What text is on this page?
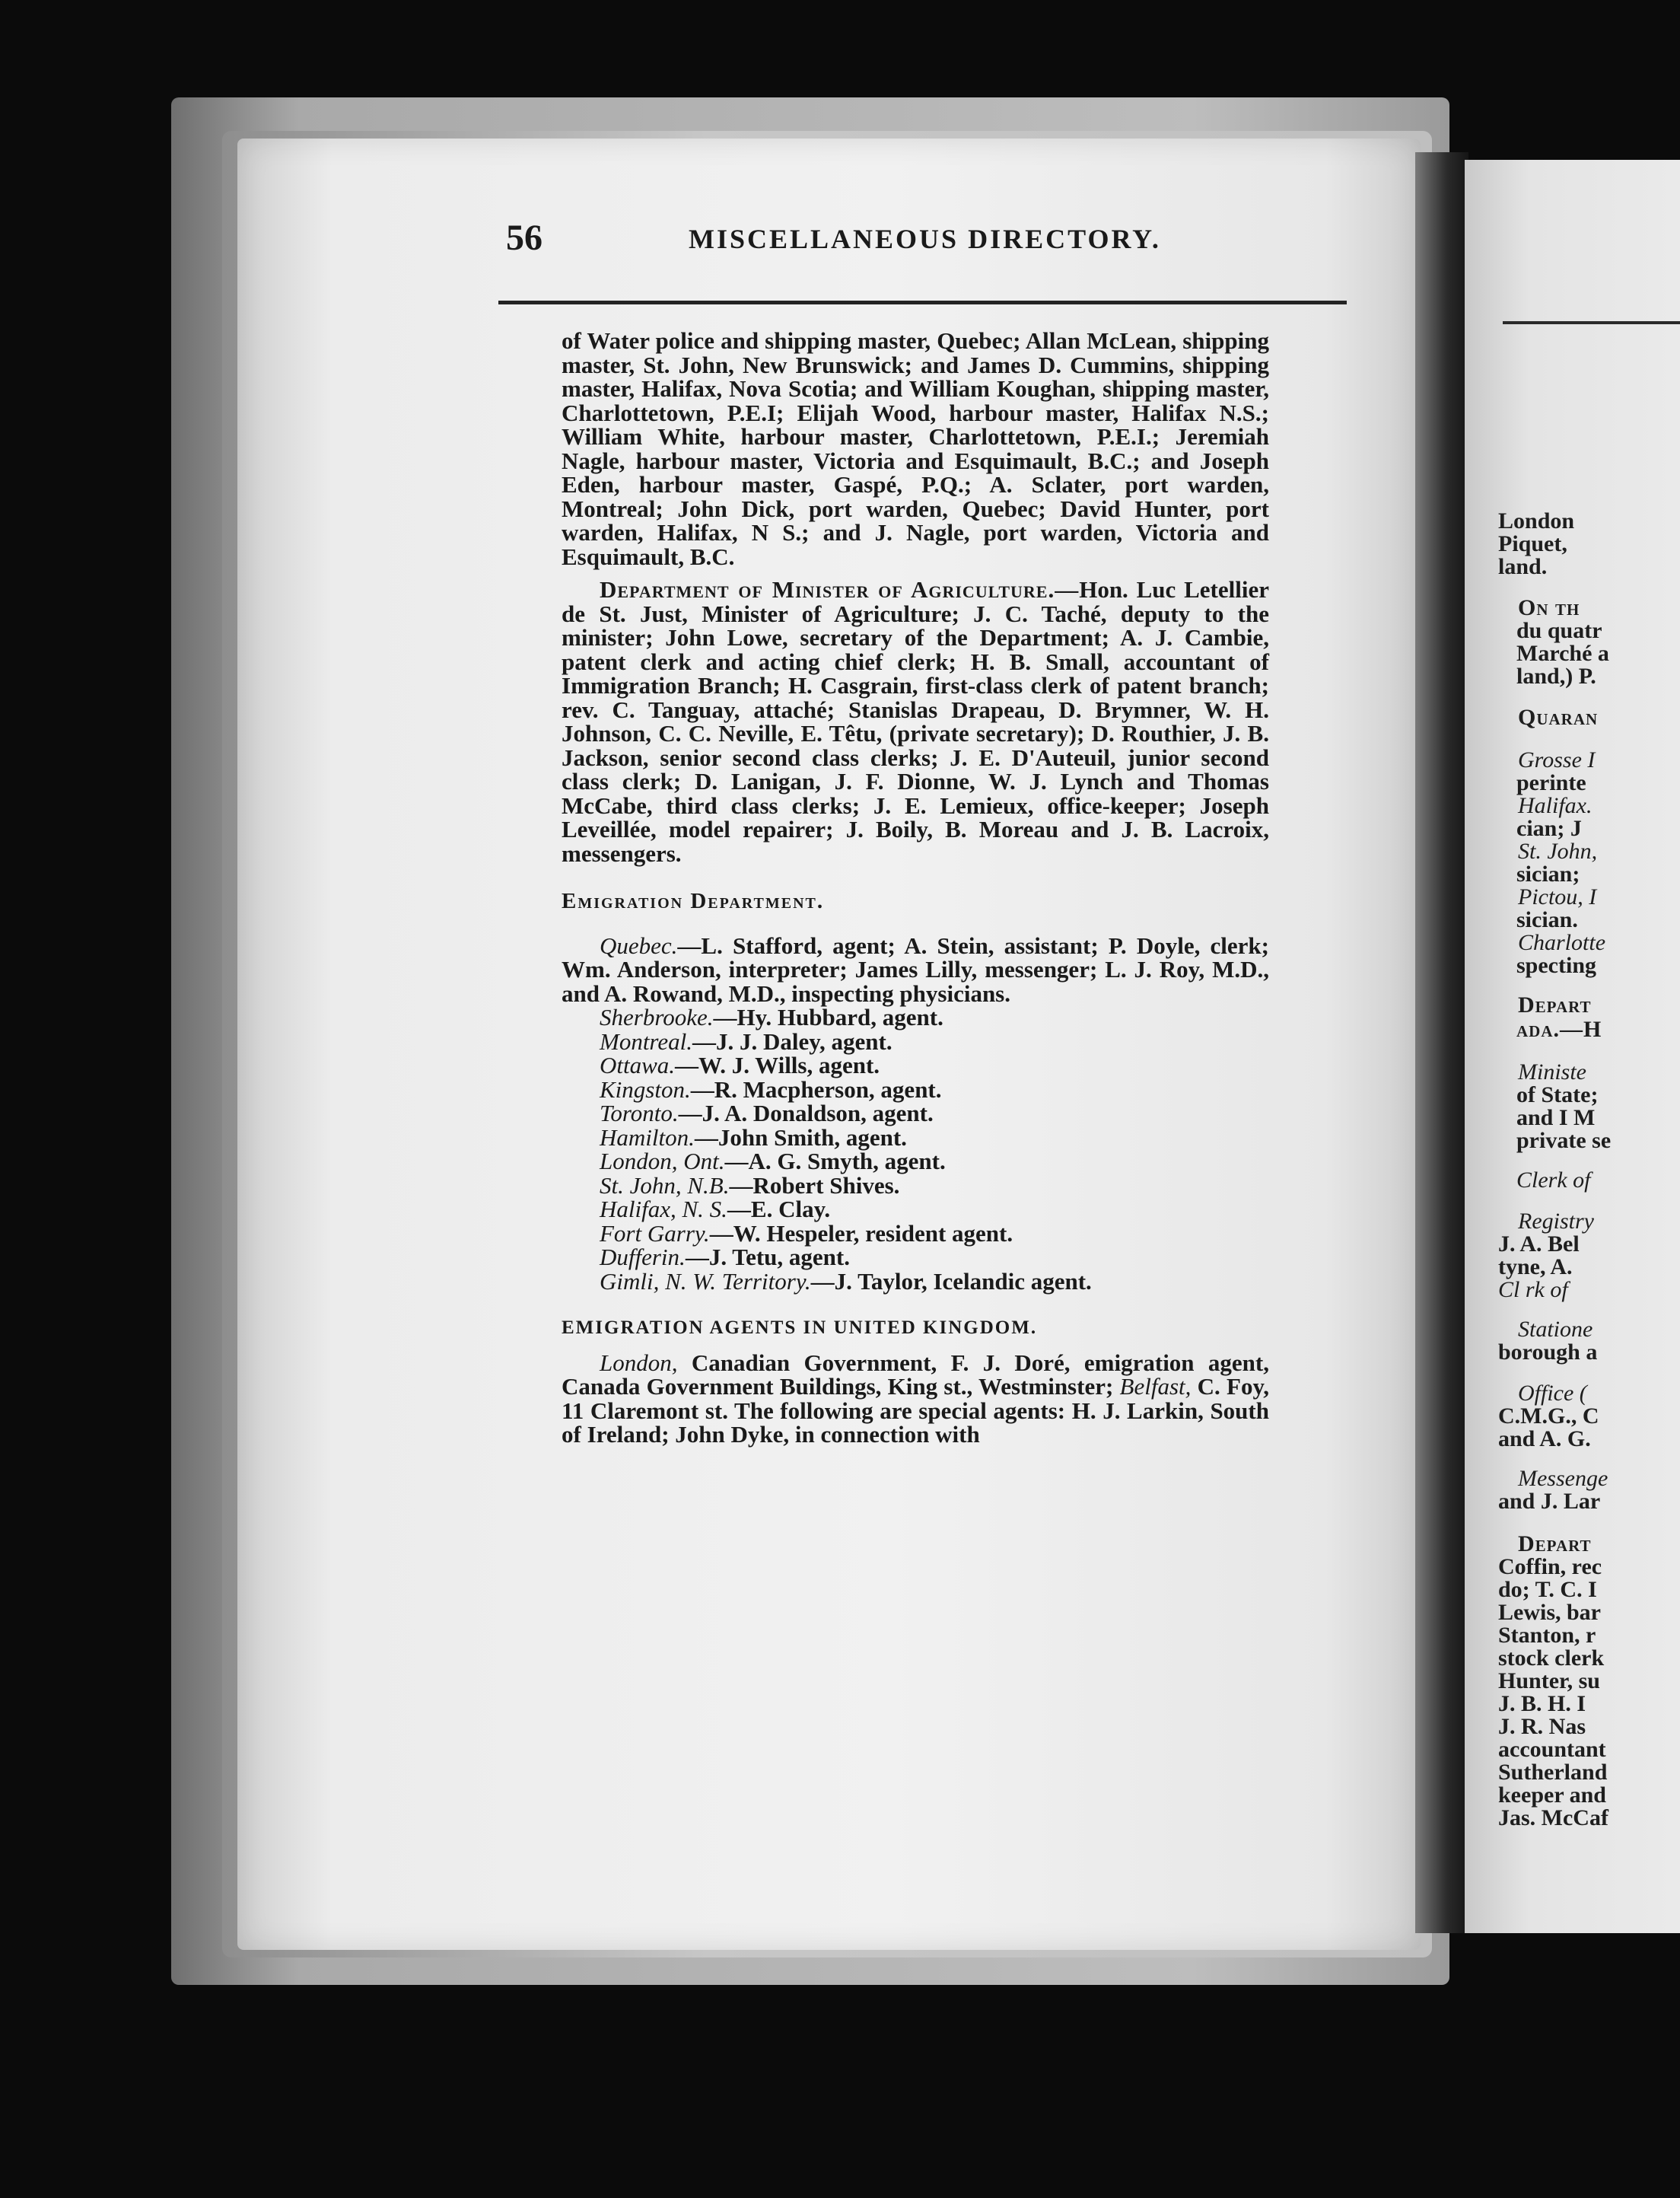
London
Piquet,
land.
On th
du quatr
Marché a
land,) P.
Quaran
Grosse I
perinte
Halifax.
cian; J
St. John,
sician;
Pictou, I
sician.
Charlotte
specting
Depart
ada.—H
Ministe
of State;
and I M
private se
Clerk of
Registry
J. A. Bel
tyne, A.
Cl rk of
Statione
borough a
Office (
C.M.G., C
and A. G.
Messenge
and J. Lar
Depart
Coffin, rec
do; T. C. I
Lewis, bar
Stanton, r
stock clerk
Hunter, su
J. B. H. I
J. R. Nas
accountant
Sutherland
keeper and
Jas. McCaf
56	MISCELLANEOUS DIRECTORY.

of Water police and shipping master, Quebec; Allan McLean, shipping master, St. John, New Brunswick; and James D. Cummins, shipping master, Halifax, Nova Scotia; and William Koughan, shipping master, Charlottetown, P.E.I; Elijah Wood, harbour master, Halifax N.S.; William White, harbour master, Charlottetown, P.E.I.; Jeremiah Nagle, harbour master, Victoria and Esquimault, B.C.; and Joseph Eden, harbour master, Gaspé, P.Q.; A. Sclater, port warden, Montreal; John Dick, port warden, Quebec; David Hunter, port warden, Halifax, N S.; and J. Nagle, port warden, Victoria and Esquimault, B.C.

Department of Minister of Agriculture.—Hon. Luc Letellier de St. Just, Minister of Agriculture; J. C. Taché, deputy to the minister; John Lowe, secretary of the Department; A. J. Cambie, patent clerk and acting chief clerk; H. B. Small, accountant of Immigration Branch; H. Casgrain, first-class clerk of patent branch; rev. C. Tanguay, attaché; Stanislas Drapeau, D. Brymner, W. H. Johnson, C. C. Neville, E. Têtu, (private secretary); D. Routhier, J. B. Jackson, senior second class clerks; J. E. D'Auteuil, junior second class clerk; D. Lanigan, J. F. Dionne, W. J. Lynch and Thomas McCabe, third class clerks; J. E. Lemieux, office-keeper; Joseph Leveillée, model repairer; J. Boily, B. Moreau and J. B. Lacroix, messengers.

Emigration Department.

Quebec.—L. Stafford, agent; A. Stein, assistant; P. Doyle, clerk; Wm. Anderson, interpreter; James Lilly, messenger; L. J. Roy, M.D., and A. Rowand, M.D., inspecting physicians.

Sherbrooke.—Hy. Hubbard, agent.

Montreal.—J. J. Daley, agent.

Ottawa.—W. J. Wills, agent.

Kingston.—R. Macpherson, agent.

Toronto.—J. A. Donaldson, agent.

Hamilton.—John Smith, agent.

London, Ont.—A. G. Smyth, agent.

St. John, N.B.—Robert Shives.

Halifax, N. S.—E. Clay.

Fort Garry.—W. Hespeler, resident agent.

Dufferin.—J. Tetu, agent.

Gimli, N. W. Territory.—J. Taylor, Icelandic agent.

EMIGRATION AGENTS IN UNITED KINGDOM.

London, Canadian Government, F. J. Doré, emigration agent, Canada Government Buildings, King st., Westminster; Belfast, C. Foy, 11 Claremont st. The following are special agents: H. J. Larkin, South of Ireland; John Dyke, in connection with
